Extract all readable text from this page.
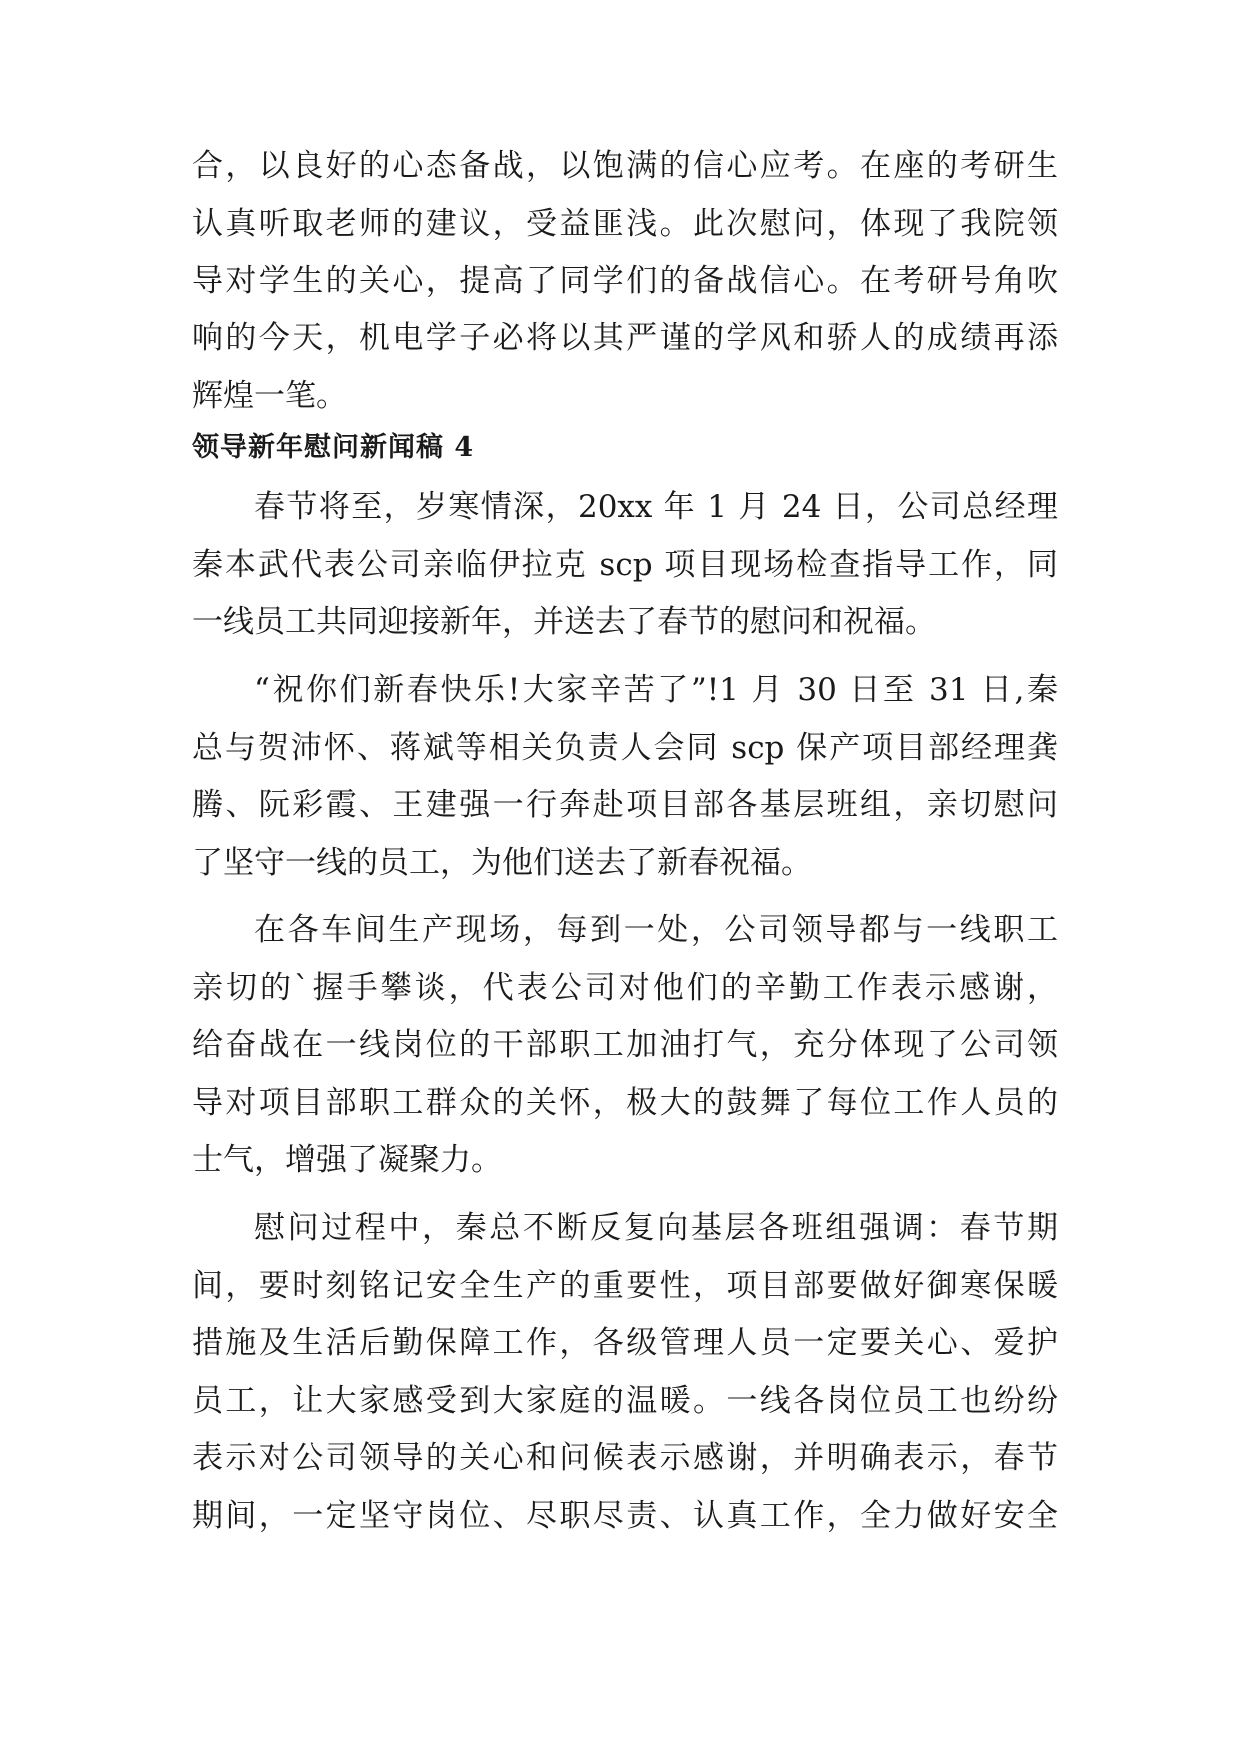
合，以良好的心态备战，以饱满的信心应考。在座的考研生

认真听取老师的建议，受益匪浅。此次慰问，体现了我院领

导对学生的关心，提高了同学们的备战信心。在考研号角吹

响的今天，机电学子必将以其严谨的学风和骄人的成绩再添

辉煌一笔。

领导新年慰问新闻稿 4

春节将至，岁寒情深，20xx 年 1 月 24 日，公司总经理

秦本武代表公司亲临伊拉克 scp 项目现场检查指导工作，同

一线员工共同迎接新年，并送去了春节的慰问和祝福。

“祝你们新春快乐!大家辛苦了”!1 月 30 日至 31 日,秦

总与贺沛怀、蒋斌等相关负责人会同 scp 保产项目部经理龚

腾、阮彩霞、王建强一行奔赴项目部各基层班组，亲切慰问

了坚守一线的员工，为他们送去了新春祝福。

在各车间生产现场，每到一处，公司领导都与一线职工

亲切的`握手攀谈，代表公司对他们的辛勤工作表示感谢，

给奋战在一线岗位的干部职工加油打气，充分体现了公司领

导对项目部职工群众的关怀，极大的鼓舞了每位工作人员的

士气，增强了凝聚力。

慰问过程中，秦总不断反复向基层各班组强调：春节期

间，要时刻铭记安全生产的重要性，项目部要做好御寒保暖

措施及生活后勤保障工作，各级管理人员一定要关心、爱护

员工，让大家感受到大家庭的温暖。一线各岗位员工也纷纷

表示对公司领导的关心和问候表示感谢，并明确表示，春节

期间，一定坚守岗位、尽职尽责、认真工作，全力做好安全
